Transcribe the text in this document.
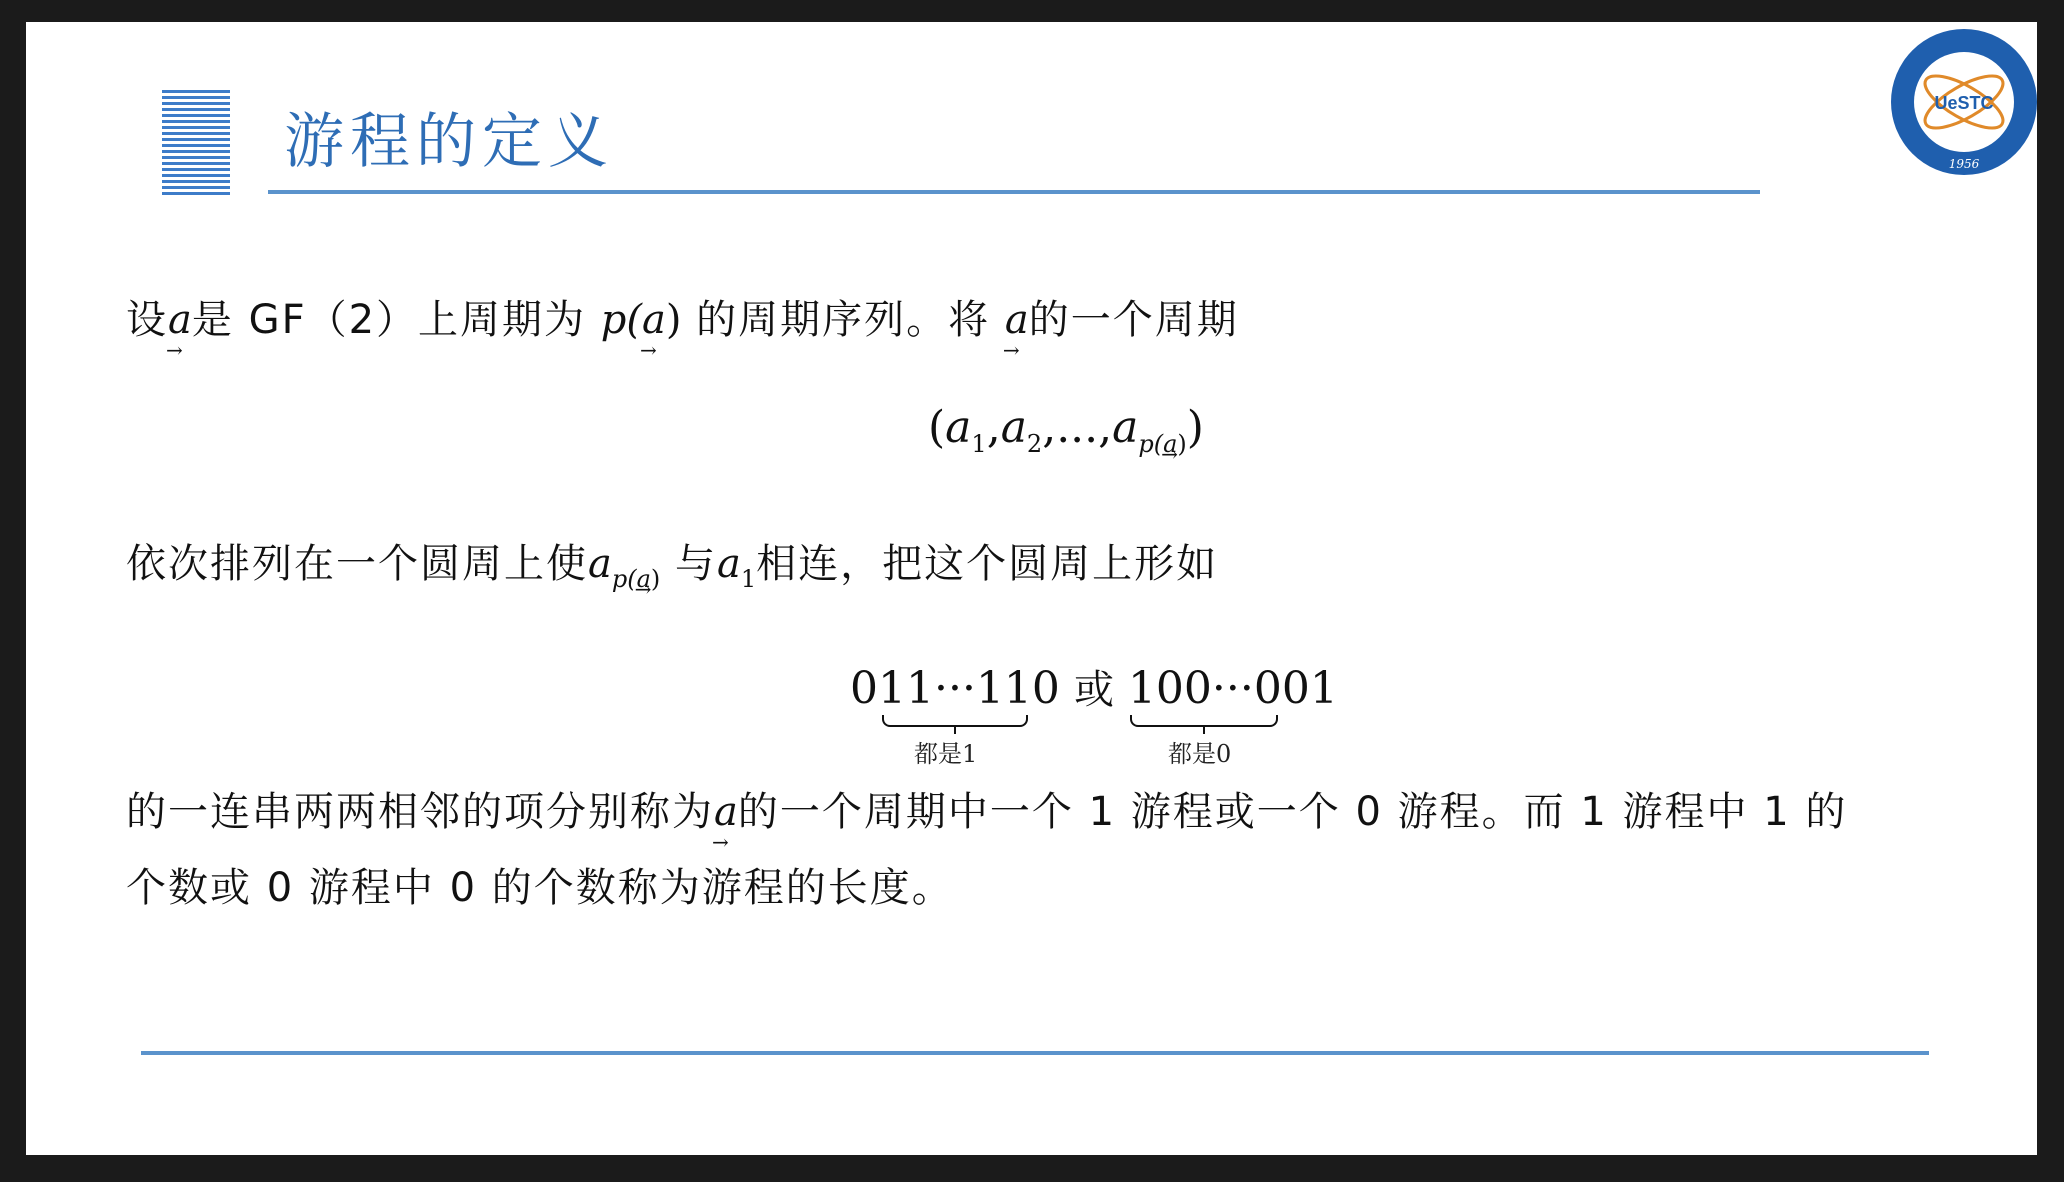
游程的定义
UeSTC
1956
设a →是 GF（2）上周期为 p(a →) 的周期序列。将 a →的一个周期
$(a_1,a_2,...,a_{p(a)})$
依次排列在一个圆周上使$a_{p(a)}$ 与$a_1$相连，把这个圆周上形如
011···110 或 100···001
都是1	都是0
的一连串两两相邻的项分别称为a →的一个周期中一个 1 游程或一个 0 游程。而 1 游程中 1 的
个数或 0 游程中 0 的个数称为游程的长度。
